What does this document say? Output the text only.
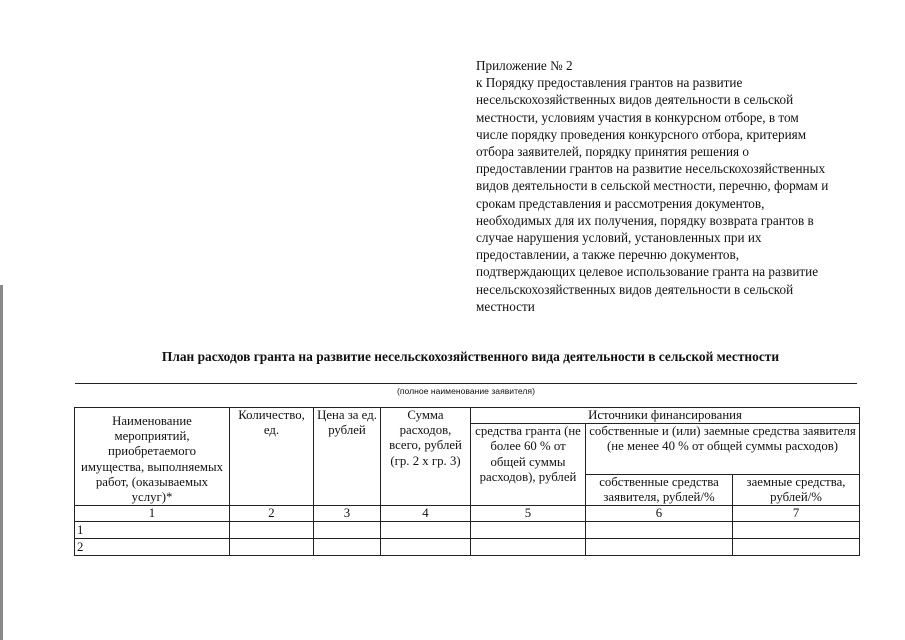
Приложение № 2
к Порядку предоставления грантов на развитие
несельскохозяйственных видов деятельности в сельской
местности, условиям участия в конкурсном отборе, в том
числе порядку проведения конкурсного отбора, критериям
отбора заявителей, порядку принятия решения о
предоставлении грантов на развитие несельскохозяйственных
видов деятельности в сельской местности, перечню, формам и
срокам представления и рассмотрения документов,
необходимых для их получения, порядку возврата грантов в
случае нарушения условий, установленных при их
предоставлении, а также перечню документов,
подтверждающих целевое использование гранта на развитие
несельскохозяйственных видов деятельности в сельской
местности
План расходов гранта на развитие несельскохозяйственного вида деятельности в сельской местности
(полное наименование заявителя)
Наименование мероприятий, приобретаемого имущества, выполняемых работ, (оказываемых услуг)*	Количество, ед.	Цена за ед. рублей	Сумма расходов, всего, рублей (гр. 2 х гр. 3)	Источники финансирования		
				средства гранта (не более 60 % от общей суммы расходов), рублей	собственные и (или) заемные средства заявителя (не менее 40 % от общей суммы расходов)	
					собственные средства заявителя, рублей/%	заемные средства, рублей/%
1	2	3	4	5	6	7
1						
2						
